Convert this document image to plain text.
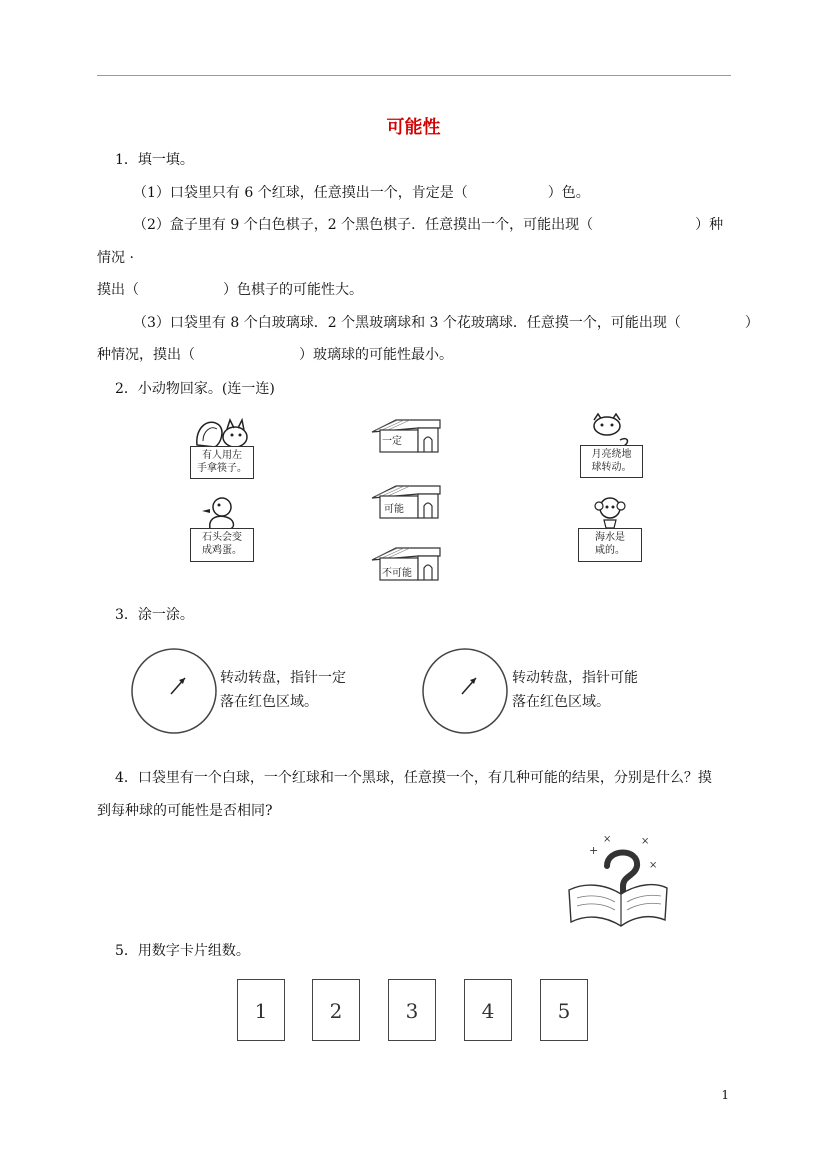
可能性
1．填一填。
（1）口袋里只有 6 个红球，任意摸出一个，肯定是（	）色。
（2）盒子里有 9 个白色棋子，2 个黑色棋子．任意摸出一个，可能出现（	）种
情况 ·
摸出（	）色棋子的可能性大。
（3）口袋里有 8 个白玻璃球．2 个黑玻璃球和 3 个花玻璃球．任意摸一个，可能出现（	）
种情况，摸出（	）玻璃球的可能性最小。
2．小动物回家。(连一连)
有人用左
手拿筷子。
石头会变
成鸡蛋。
一定
可能
不可能
月亮绕地
球转动。
海水是
咸的。
3．涂一涂。
转动转盘，指针一定
落在红色区域。
转动转盘，指针可能
落在红色区域。
4．口袋里有一个白球，一个红球和一个黑球，任意摸一个，有几种可能的结果，分别是什么？摸
到每种球的可能性是否相同?
+
×	×
×
5．用数字卡片组数。
1	2	3	4	5
1
